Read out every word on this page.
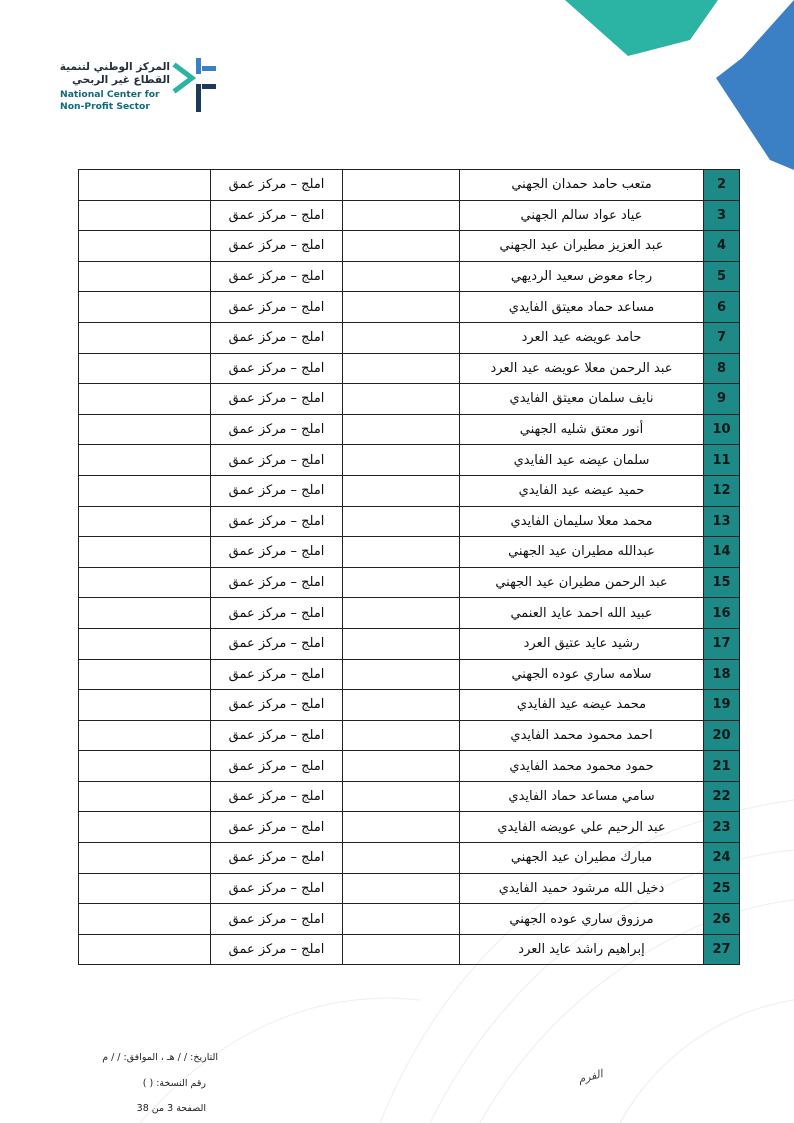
المركز الوطني لتنمية
القطاع غير الربحي
National Center for
Non-Profit Sector
	املج – مركز عمق		متعب حامد حمدان الجهني	2
	املج – مركز عمق		عياد عواد سالم الجهني	3
	املج – مركز عمق		عبد العزيز مطيران عيد الجهني	4
	املج – مركز عمق		رجاء معوض سعيد الرديهي	5
	املج – مركز عمق		مساعد حماد معيتق الفايدي	6
	املج – مركز عمق		حامد عويضه عيد العرد	7
	املج – مركز عمق		عبد الرحمن معلا عويضه عيد العرد	8
	املج – مركز عمق		نايف سلمان معيتق الفايدي	9
	املج – مركز عمق		أنور معتق شليه الجهني	10
	املج – مركز عمق		سلمان عيضه عيد الفايدي	11
	املج – مركز عمق		حميد عيضه عيد الفايدي	12
	املج – مركز عمق		محمد معلا سليمان الفايدي	13
	املج – مركز عمق		عبدالله مطيران عيد الجهني	14
	املج – مركز عمق		عبد الرحمن مطيران عيد الجهني	15
	املج – مركز عمق		عبيد الله احمد عايد العنمي	16
	املج – مركز عمق		رشيد عايد عتيق العرد	17
	املج – مركز عمق		سلامه ساري عوده الجهني	18
	املج – مركز عمق		محمد عيضه عيد الفايدي	19
	املج – مركز عمق		احمد محمود محمد الفايدي	20
	املج – مركز عمق		حمود محمود محمد الفايدي	21
	املج – مركز عمق		سامي مساعد حماد الفايدي	22
	املج – مركز عمق		عبد الرحيم علي عويضه الفايدي	23
	املج – مركز عمق		مبارك مطيران عيد الجهني	24
	املج – مركز عمق		دخيل الله مرشود حميد الفايدي	25
	املج – مركز عمق		مرزوق ساري عوده الجهني	26
	املج – مركز عمق		إبراهيم راشد عايد العرد	27
التاريخ: / / هـ ، الموافق: / / م
رقم النسخة: ( )
الصفحة 3 من 38
الفرم
